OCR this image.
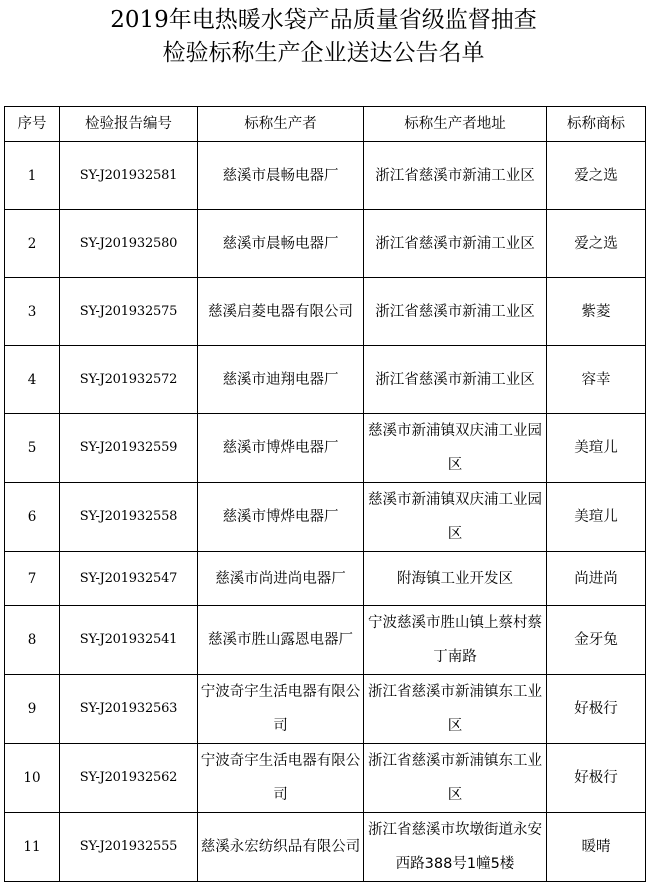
2019年电热暖水袋产品质量省级监督抽查
检验标称生产企业送达公告名单
序号	检验报告编号	标称生产者	标称生产者地址	标称商标
1	SY-J201932581	慈溪市晨畅电器厂	浙江省慈溪市新浦工业区	爱之选
2	SY-J201932580	慈溪市晨畅电器厂	浙江省慈溪市新浦工业区	爱之选
3	SY-J201932575	慈溪启菱电器有限公司	浙江省慈溪市新浦工业区	紫菱
4	SY-J201932572	慈溪市迪翔电器厂	浙江省慈溪市新浦工业区	容幸
5	SY-J201932559	慈溪市博烨电器厂	慈溪市新浦镇双庆浦工业园区	美瑄儿
6	SY-J201932558	慈溪市博烨电器厂	慈溪市新浦镇双庆浦工业园区	美瑄儿
7	SY-J201932547	慈溪市尚进尚电器厂	附海镇工业开发区	尚进尚
8	SY-J201932541	慈溪市胜山露恩电器厂	宁波慈溪市胜山镇上蔡村蔡丁南路	金牙兔
9	SY-J201932563	宁波奇宇生活电器有限公司	浙江省慈溪市新浦镇东工业区	好极行
10	SY-J201932562	宁波奇宇生活电器有限公司	浙江省慈溪市新浦镇东工业区	好极行
11	SY-J201932555	慈溪永宏纺织品有限公司	浙江省慈溪市坎墩街道永安西路388号1幢5楼	暖晴
